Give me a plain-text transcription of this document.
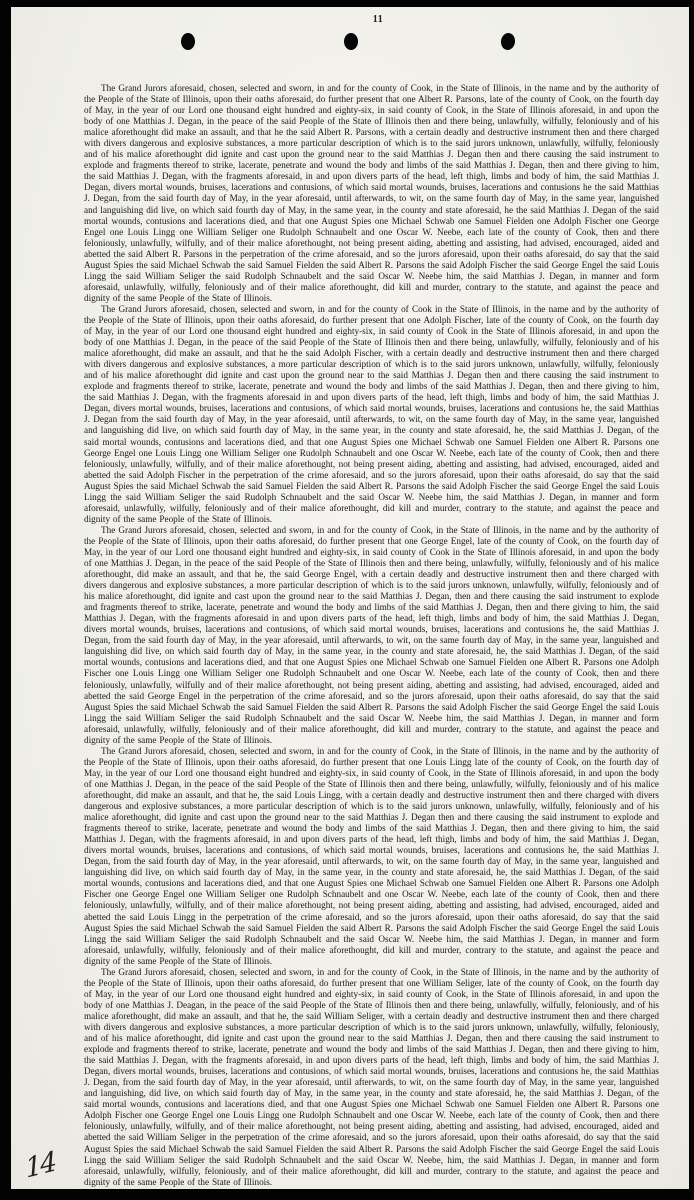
11

The Grand Jurors aforesaid, chosen, selected and sworn, in and for the county of Cook, in the State of Illinois, in the name and by the authority of the People of the State of Illinois, upon their oaths aforesaid, do further present that one Albert R. Parsons, late of the county of Cook, on the fourth day of May, in the year of our Lord one thousand eight hundred and eighty-six, in said county of Cook, in the State of Illinois aforesaid, in and upon the body of one Matthias J. Degan, in the peace of the said People of the State of Illinois then and there being, unlawfully, wilfully, feloniously and of his malice aforethought did make an assault, and that he the said Albert R. Parsons, with a certain deadly and destructive instrument then and there charged with divers dangerous and explosive substances, a more particular description of which is to the said jurors unknown, unlawfully, wilfully, feloniously and of his malice aforethought did ignite and cast upon the ground near to the said Matthias J. Degan then and there causing the said instrument to explode and fragments thereof to strike, lacerate, penetrate and wound the body and limbs of the said Matthias J. Degan, then and there giving to him, the said Matthias J. Degan, with the fragments aforesaid, in and upon divers parts of the head, left thigh, limbs and body of him, the said Matthias J. Degan, divers mortal wounds, bruises, lacerations and contusions, of which said mortal wounds, bruises, lacerations and contusions he the said Matthias J. Degan, from the said fourth day of May, in the year aforesaid, until afterwards, to wit, on the same fourth day of May, in the same year, languished and languishing did live, on which said fourth day of May, in the same year, in the county and state aforesaid, he the said Matthias J. Degan of the said mortal wounds, contusions and lacerations died, and that one August Spies one Michael Schwab one Samuel Fielden one Adolph Fischer one George Engel one Louis Lingg one William Seliger one Rudolph Schnaubelt and one Oscar W. Neebe, each late of the county of Cook, then and there feloniously, unlawfully, wilfully, and of their malice aforethought, not being present aiding, abetting and assisting, had advised, encouraged, aided and abetted the said Albert R. Parsons in the perpetration of the crime aforesaid, and so the jurors aforesaid, upon their oaths aforesaid, do say that the said August Spies the said Michael Schwab the said Samuel Fielden the said Albert R. Parsons the said Adolph Fischer the said George Engel the said Louis Lingg the said William Seliger the said Rudolph Schnaubelt and the said Oscar W. Neebe him, the said Matthias J. Degan, in manner and form aforesaid, unlawfully, wilfully, feloniously and of their malice aforethought, did kill and murder, contrary to the statute, and against the peace and dignity of the same People of the State of Illinois.

The Grand Jurors aforesaid, chosen, selected and sworn, in and for the county of Cook in the State of Illinois, in the name and by the authority of the People of the State of Illinois, upon their oaths aforesaid, do further present that one Adolph Fischer, late of the county of Cook, on the fourth day of May, in the year of our Lord one thousand eight hundred and eighty-six, in said county of Cook in the State of Illinois aforesaid, in and upon the body of one Matthias J. Degan, in the peace of the said People of the State of Illinois then and there being, unlawfully, wilfully, feloniously and of his malice aforethought, did make an assault, and that he the said Adolph Fischer, with a certain deadly and destructive instrument then and there charged with divers dangerous and explosive substances, a more particular description of which is to the said jurors unknown, unlawfully, wilfully, feloniously and of his malice aforethought did ignite and cast upon the ground near to the said Matthias J. Degan then and there causing the said instrument to explode and fragments thereof to strike, lacerate, penetrate and wound the body and limbs of the said Matthias J. Degan, then and there giving to him, the said Matthias J. Degan, with the fragments aforesaid in and upon divers parts of the head, left thigh, limbs and body of him, the said Matthias J. Degan, divers mortal wounds, bruises, lacerations and contusions, of which said mortal wounds, bruises, lacerations and contusions he, the said Matthias J. Degan from the said fourth day of May, in the year aforesaid, until afterwards, to wit, on the same fourth day of May, in the same year, languished and languishing did live, on which said fourth day of May, in the same year, in the county and state aforesaid, he, the said Matthias J. Degan, of the said mortal wounds, contusions and lacerations died, and that one August Spies one Michael Schwab one Samuel Fielden one Albert R. Parsons one George Engel one Louis Lingg one William Seliger one Rudolph Schnaubelt and one Oscar W. Neebe, each late of the county of Cook, then and there feloniously, unlawfully, wilfully, and of their malice aforethought, not being present aiding, abetting and assisting, had advised, encouraged, aided and abetted the said Adolph Fischer in the perpetration of the crime aforesaid, and so the jurors aforesaid, upon their oaths aforesaid, do say that the said August Spies the said Michael Schwab the said Samuel Fielden the said Albert R. Parsons the said Adolph Fischer the said George Engel the said Louis Lingg the said William Seliger the said Rudolph Schnaubelt and the said Oscar W. Neebe him, the said Matthias J. Degan, in manner and form aforesaid, unlawfully, wilfully, feloniously and of their malice aforethought, did kill and murder, contrary to the statute, and against the peace and dignity of the same People of the State of Illinois.

The Grand Jurors aforesaid, chosen, selected and sworn, in and for the county of Cook, in the State of Illinois, in the name and by the authority of the People of the State of Illinois, upon their oaths aforesaid, do further present that one George Engel, late of the county of Cook, on the fourth day of May, in the year of our Lord one thousand eight hundred and eighty-six, in said county of Cook in the State of Illinois aforesaid, in and upon the body of one Matthias J. Degan, in the peace of the said People of the State of Illinois then and there being, unlawfully, wilfully, feloniously and of his malice aforethought, did make an assault, and that he, the said George Engel, with a certain deadly and destructive instrument then and there charged with divers dangerous and explosive substances, a more particular description of which is to the said jurors unknown, unlawfully, wilfully, feloniously and of his malice aforethought, did ignite and cast upon the ground near to the said Matthias J. Degan, then and there causing the said instrument to explode and fragments thereof to strike, lacerate, penetrate and wound the body and limbs of the said Matthias J. Degan, then and there giving to him, the said Matthias J. Degan, with the fragments aforesaid in and upon divers parts of the head, left thigh, limbs and body of him, the said Matthias J. Degan, divers mortal wounds, bruises, lacerations and contusions, of which said mortal wounds, bruises, lacerations and contusions he, the said Matthias J. Degan, from the said fourth day of May, in the year aforesaid, until afterwards, to wit, on the same fourth day of May, in the same year, languished and languishing did live, on which said fourth day of May, in the same year, in the county and state aforesaid, he, the said Matthias J. Degan, of the said mortal wounds, contusions and lacerations died, and that one August Spies one Michael Schwab one Samuel Fielden one Albert R. Parsons one Adolph Fischer one Louis Lingg one William Seliger one Rudolph Schnaubelt and one Oscar W. Neebe, each late of the county of Cook, then and there feloniously, unlawfully, wilfully and of their malice aforethought, not being present aiding, abetting and assisting, had advised, encouraged, aided and abetted the said George Engel in the perpetration of the crime aforesaid, and so the jurors aforesaid, upon their oaths aforesaid, do say that the said August Spies the said Michael Schwab the said Samuel Fielden the said Albert R. Parsons the said Adolph Fischer the said George Engel the said Louis Lingg the said William Seliger the said Rudolph Schnaubelt and the said Oscar W. Neebe him, the said Matthias J. Degan, in manner and form aforesaid, unlawfully, wilfully, feloniously and of their malice aforethought, did kill and murder, contrary to the statute, and against the peace and dignity of the same People of the State of Illinois.

The Grand Jurors aforesaid, chosen, selected and sworn, in and for the county of Cook, in the State of Illinois, in the name and by the authority of the People of the State of Illinois, upon their oaths aforesaid, do further present that one Louis Lingg late of the county of Cook, on the fourth day of May, in the year of our Lord one thousand eight hundred and eighty-six, in said county of Cook, in the State of Illinois aforesaid, in and upon the body of one Matthias J. Degan, in the peace of the said People of the State of Illinois then and there being, unlawfully, wilfully, feloniously and of his malice aforethought, did make an assault, and that he, the said Louis Lingg, with a certain deadly and destructive instrument then and there charged with divers dangerous and explosive substances, a more particular description of which is to the said jurors unknown, unlawfully, wilfully, feloniously and of his malice aforethought, did ignite and cast upon the ground near to the said Matthias J. Degan then and there causing the said instrument to explode and fragments thereof to strike, lacerate, penetrate and wound the body and limbs of the said Matthias J. Degan, then and there giving to him, the said Matthias J. Degan, with the fragments aforesaid, in and upon divers parts of the head, left thigh, limbs and body of him, the said Matthias J. Degan, divers mortal wounds, bruises, lacerations and contusions, of which said mortal wounds, bruises, lacerations and contusions he, the said Matthias J. Degan, from the said fourth day of May, in the year aforesaid, until afterwards, to wit, on the same fourth day of May, in the same year, languished and languishing did live, on which said fourth day of May, in the same year, in the county and state aforesaid, he, the said Matthias J. Degan, of the said mortal wounds, contusions and lacerations died, and that one August Spies one Michael Schwab one Samuel Fielden one Albert R. Parsons one Adolph Fischer one George Engel one William Seliger one Rudolph Schnaubelt and one Oscar W. Neebe, each late of the county of Cook, then and there feloniously, unlawfully, wilfully, and of their malice aforethought, not being present aiding, abetting and assisting, had advised, encouraged, aided and abetted the said Louis Lingg in the perpetration of the crime aforesaid, and so the jurors aforesaid, upon their oaths aforesaid, do say that the said August Spies the said Michael Schwab the said Samuel Fielden the said Albert R. Parsons the said Adolph Fischer the said George Engel the said Louis Lingg the said William Seliger the said Rudolph Schnaubelt and the said Oscar W. Neebe him, the said Matthias J. Degan, in manner and form aforesaid, unlawfully, wilfully, feloniously and of their malice aforethought, did kill and murder, contrary to the statute, and against the peace and dignity of the same People of the State of Illinois.

The Grand Jurors aforesaid, chosen, selected and sworn, in and for the county of Cook, in the State of Illinois, in the name and by the authority of the People of the State of Illinois, upon their oaths aforesaid, do further present that one William Seliger, late of the county of Cook, on the fourth day of May, in the year of our Lord one thousand eight hundred and eighty-six, in said county of Cook, in the State of Illinois aforesaid, in and upon the body of one Matthias J. Deagan, in the peace of the said People of the State of Illinois then and there being, unlawfully, wilfully, feloniously, and of his malice aforethought, did make an assault, and that he, the said William Seliger, with a certain deadly and destructive instrument then and there charged with divers dangerous and explosive substances, a more particular description of which is to the said jurors unknown, unlawfully, wilfully, feloniously, and of his malice aforethought, did ignite and cast upon the ground near to the said Matthias J. Degan, then and there causing the said instrument to explode and fragments thereof to strike, lacerate, penetrate and wound the body and limbs of the said Matthias J. Degan, then and there giving to him, the said Matthias J. Degan, with the fragments aforesaid, in and upon divers parts of the head, left thigh, limbs and body of him, the said Matthias J. Degan, divers mortal wounds, bruises, lacerations and contusions, of which said mortal wounds, bruises, lacerations and contusions he, the said Matthias J. Degan, from the said fourth day of May, in the year aforesaid, until afterwards, to wit, on the same fourth day of May, in the same year, languished and languishing, did live, on which said fourth day of May, in the same year, in the county and state aforesaid, he, the said Matthias J. Degan, of the said mortal wounds, contusions and lacerations died, and that one August Spies one Michael Schwab one Samuel Fielden one Albert R. Parsons one Adolph Fischer one George Engel one Louis Lingg one Rudolph Schnaubelt and one Oscar W. Neebe, each late of the county of Cook, then and there feloniously, unlawfully, wilfully, and of their malice aforethought, not being present aiding, abetting and assisting, had advised, encouraged, aided and abetted the said William Seliger in the perpetration of the crime aforesaid, and so the jurors aforesaid, upon their oaths aforesaid, do say that the said August Spies the said Michael Schwab the said Samuel Fielden the said Albert R. Parsons the said Adolph Fischer the said George Engel the said Louis Lingg the said William Seliger the said Rudolph Schnaubelt and the said Oscar W. Neebe, him, the said Matthias J. Degan, in manner and form aforesaid, unlawfully, wilfully, feloniously, and of their malice aforethought, did kill and murder, contrary to the statute, and against the peace and dignity of the same People of the State of Illinois.

14
